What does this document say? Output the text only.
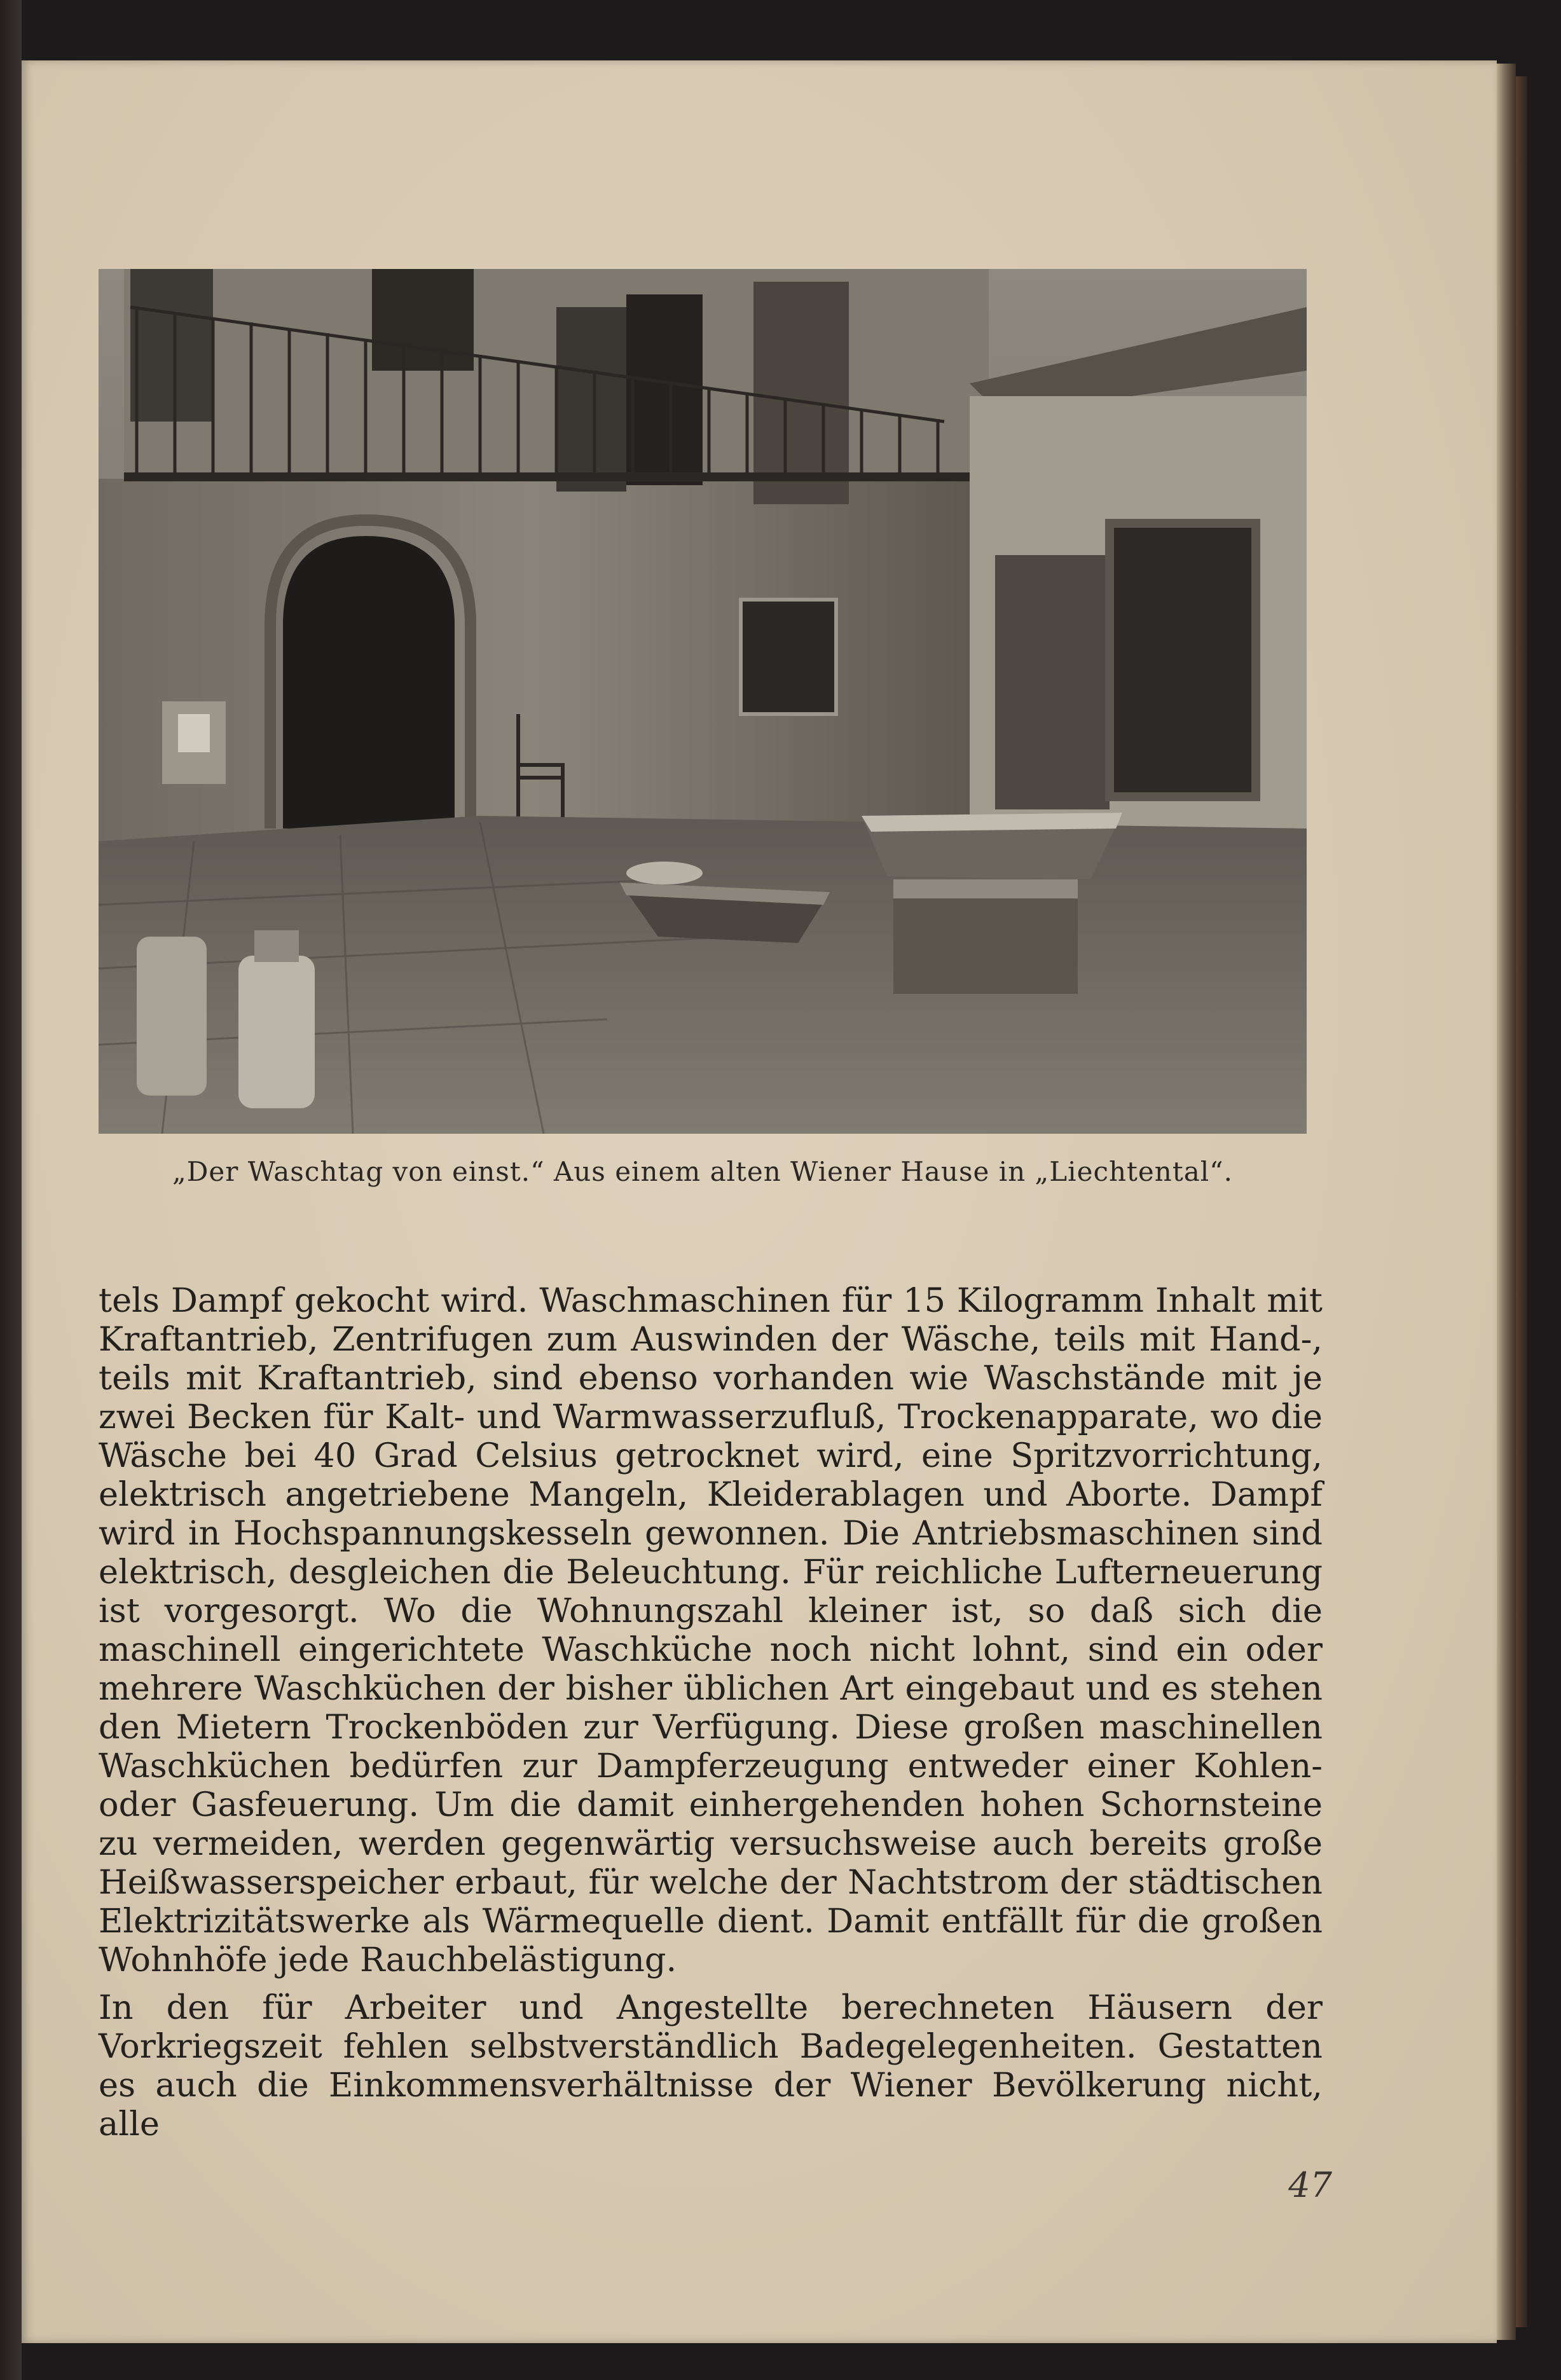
„Der Waschtag von einst.“ Aus einem alten Wiener Hause in „Liechtental“.

tels Dampf gekocht wird. Waschmaschinen für 15 Kilogramm Inhalt mit Kraftantrieb, Zentrifugen zum Auswinden der Wäsche, teils mit Hand-, teils mit Kraftantrieb, sind ebenso vorhanden wie Waschstände mit je zwei Becken für Kalt- und Warmwasserzufluß, Trockenapparate, wo die Wäsche bei 40 Grad Celsius getrocknet wird, eine Spritzvorrichtung, elektrisch angetriebene Mangeln, Kleiderablagen und Aborte. Dampf wird in Hochspannungskesseln gewonnen. Die Antriebsmaschinen sind elektrisch, desgleichen die Beleuchtung. Für reichliche Lufterneuerung ist vorgesorgt. Wo die Wohnungszahl kleiner ist, so daß sich die maschinell eingerichtete Waschküche noch nicht lohnt, sind ein oder mehrere Waschküchen der bisher üblichen Art eingebaut und es stehen den Mietern Trockenböden zur Verfügung. Diese großen maschinellen Waschküchen bedürfen zur Dampferzeugung entweder einer Kohlen- oder Gasfeuerung. Um die damit einhergehenden hohen Schornsteine zu vermeiden, werden gegenwärtig versuchsweise auch bereits große Heißwasserspeicher erbaut, für welche der Nachtstrom der städtischen Elektrizitätswerke als Wärmequelle dient. Damit entfällt für die großen Wohnhöfe jede Rauchbelästigung.

In den für Arbeiter und Angestellte berechneten Häusern der Vorkriegszeit fehlen selbstverständlich Badegelegenheiten. Gestatten es auch die Einkommensverhältnisse der Wiener Bevölkerung nicht, alle

47
